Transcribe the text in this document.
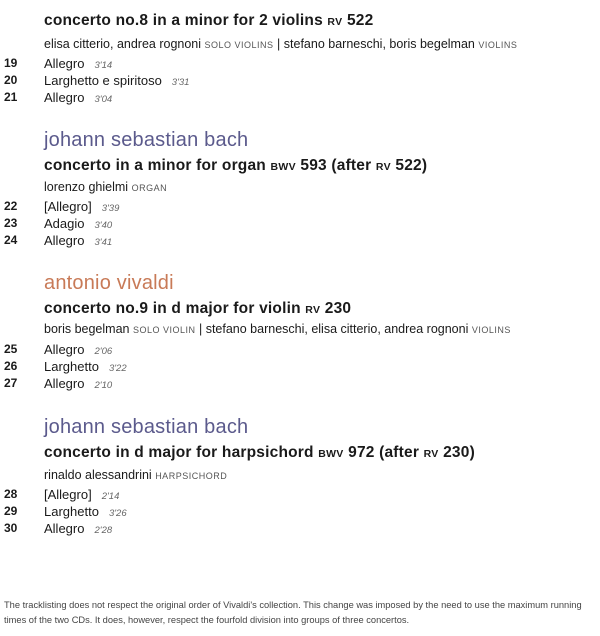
concerto no.8 in a minor for 2 violins RV 522
elisa citterio, andrea rognoni SOLO VIOLINS | stefano barneschi, boris begelman VIOLINS
19	Allegro 3'14
20	Larghetto e spiritoso 3'31
21	Allegro 3'04
johann sebastian bach
concerto in a minor for organ BWV 593 (after RV 522)
lorenzo ghielmi ORGAN
22	[Allegro] 3'39
23	Adagio 3'40
24	Allegro 3'41
antonio vivaldi
concerto no.9 in d major for violin RV 230
boris begelman SOLO VIOLIN | stefano barneschi, elisa citterio, andrea rognoni VIOLINS
25	Allegro 2'06
26	Larghetto 3'22
27	Allegro 2'10
johann sebastian bach
concerto in d major for harpsichord BWV 972 (after RV 230)
rinaldo alessandrini HARPSICHORD
28	[Allegro] 2'14
29	Larghetto 3'26
30	Allegro 2'28
The tracklisting does not respect the original order of Vivaldi's collection. This change was imposed by the need to use the maximum running times of the two CDs. It does, however, respect the fourfold division into groups of three concertos.
